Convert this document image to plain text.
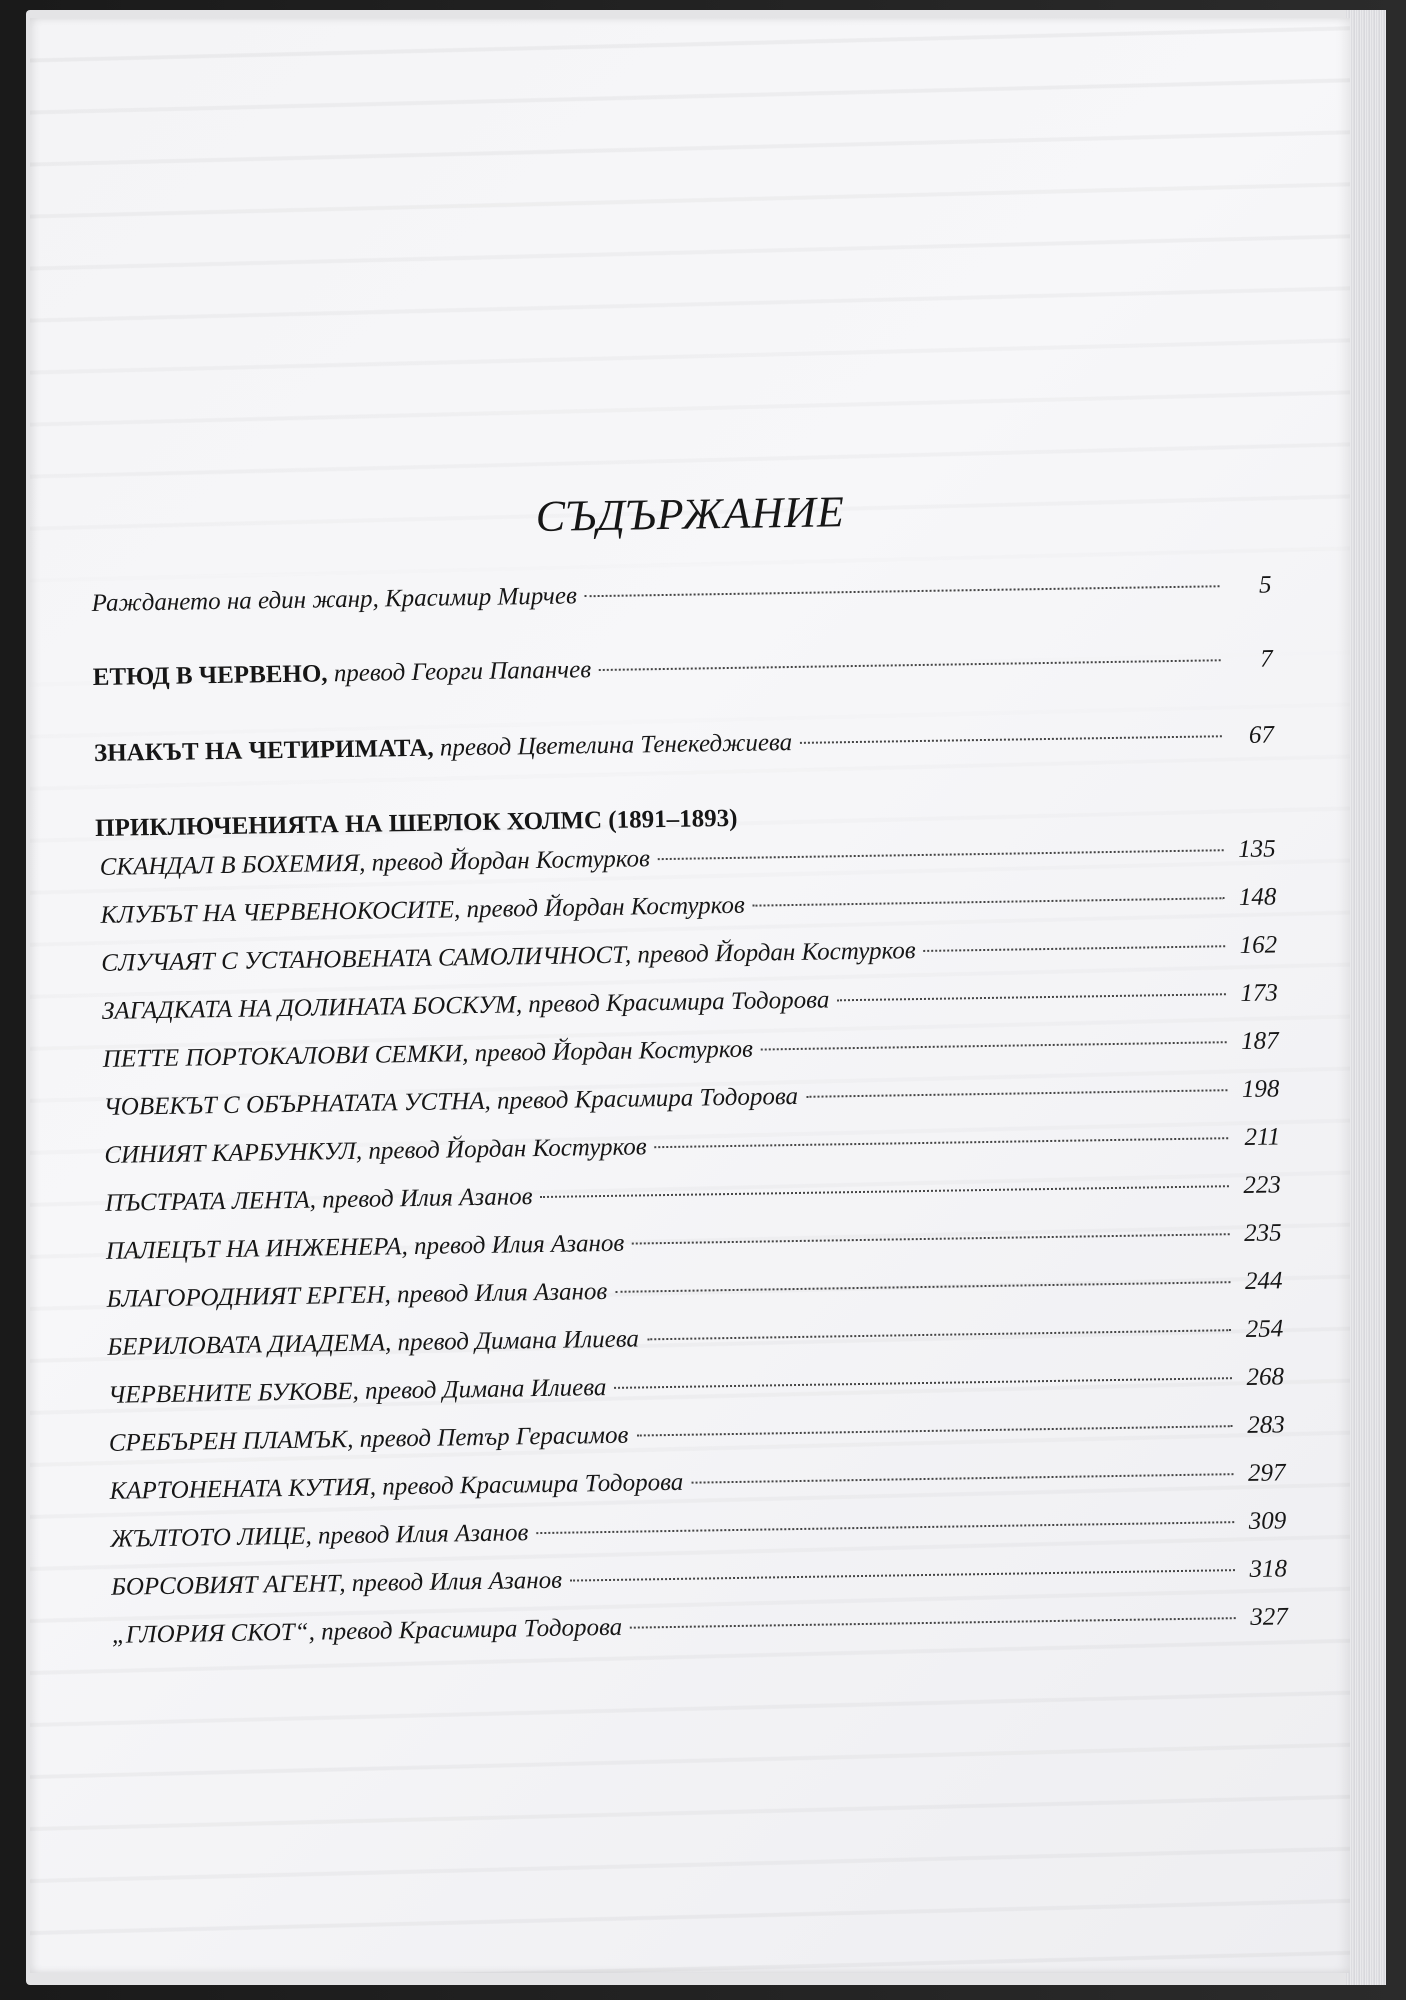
СЪДЪРЖАНИЕ
Раждането на един жанр, Красимир Мирчев	5
ЕТЮД В ЧЕРВЕНО, превод Георги Папанчев	7
ЗНАКЪТ НА ЧЕТИРИМАТА, превод Цветелина Тенекеджиева	67
ПРИКЛЮЧЕНИЯТА НА ШЕРЛОК ХОЛМС (1891–1893)
СКАНДАЛ В БОХЕМИЯ, превод Йордан Костурков	135
КЛУБЪТ НА ЧЕРВЕНОКОСИТЕ, превод Йордан Костурков	148
СЛУЧАЯТ С УСТАНОВЕНАТА САМОЛИЧНОСТ, превод Йордан Костурков	162
ЗАГАДКАТА НА ДОЛИНАТА БОСКУМ, превод Красимира Тодорова	173
ПЕТТЕ ПОРТОКАЛОВИ СЕМКИ, превод Йордан Костурков	187
ЧОВЕКЪТ С ОБЪРНАТАТА УСТНА, превод Красимира Тодорова	198
СИНИЯТ КАРБУНКУЛ, превод Йордан Костурков	211
ПЪСТРАТА ЛЕНТА, превод Илия Азанов	223
ПАЛЕЦЪТ НА ИНЖЕНЕРА, превод Илия Азанов	235
БЛАГОРОДНИЯТ ЕРГЕН, превод Илия Азанов	244
БЕРИЛОВАТА ДИАДЕМА, превод Димана Илиева	254
ЧЕРВЕНИТЕ БУКОВЕ, превод Димана Илиева	268
СРЕБЪРЕН ПЛАМЪК, превод Петър Герасимов	283
КАРТОНЕНАТА КУТИЯ, превод Красимира Тодорова	297
ЖЪЛТОТО ЛИЦЕ, превод Илия Азанов	309
БОРСОВИЯТ АГЕНТ, превод Илия Азанов	318
„ГЛОРИЯ СКОТ“, превод Красимира Тодорова	327
